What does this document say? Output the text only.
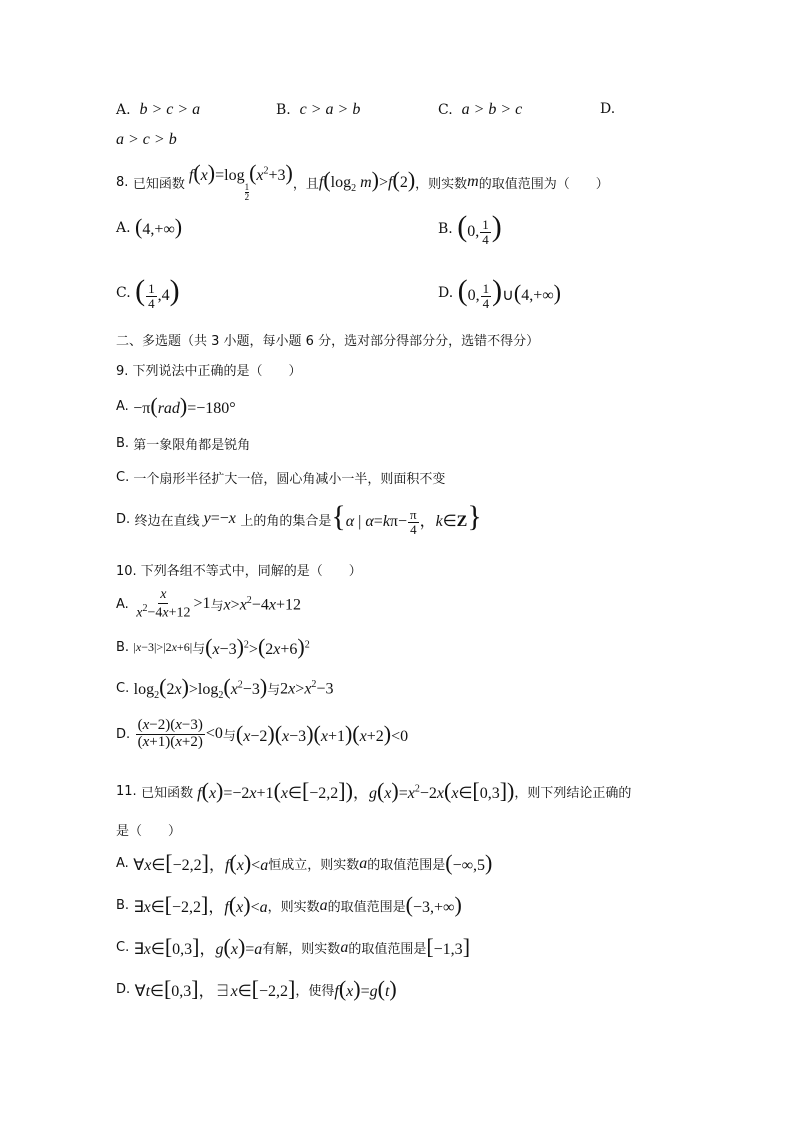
A.
b > c > a	B.
c > a > b	C.
a > b > c	D.
a > c > b
8.
已知函数 f(x)=log
$_{\frac{1}{2}}$
$(x^2+3)$ ，且 $f(\log_2$ m)>f(2) ，则实数 m 的取值范围为（　　）
A.
(4,+∞)	B.
(0, $\frac{1}{4}$ )
C.
( $\frac{1}{4} ,4$)	D.
(0, $\frac{1}{4}$ )∪(4,+∞)
二、多选题（共 3 小题，每小题 6 分，选对部分得部分分，选错不得分）
9. 下列说法中正确的是（　　）
A.
−π(rad)=−180°
B.
第一象限角都是锐角
C.
一个扇形半径扩大一倍，圆心角减小一半，则面积不变
D.
终边在直线 y =− x
上的角的集合是 {α | $\alpha=k\pi- \frac{\pi}{4}$ ，k∈Z}
10. 下列各组不等式中，同解的是（　　）
A.
$\frac{x}{x^2-4x+12} >1$ 与 $x>x^2-4x+12$
B.
|x−3|>|2x+6| 与 $(x-3)^2>(2x+6)^2$
C.
$\log_2(2x)>\log_2(x^2-3)$ 与 $2x>x^2-3$
D.
$\frac{(x-2)(x-3)}{(x+1)(x+2)} <0$ 与 (x−2)(x−3)(x+1)(x+2)<0
11.
已知函数 f(x)=−2x+1(x∈[−2,2])，$g(x)=x^2-2x(x\in[0,3])$ ，则下列结论正确的
是（　　）
A.
∀x∈[−2,2]，f(x)<a 恒成立，则实数 a 的取值范围是 (−∞,5)
B.
∃x∈[−2,2]，f(x)<a ，则实数 a 的取值范围是 (−3,+∞)
C.
∃x∈[0,3]，g(x)=a 有解，则实数 a 的取值范围是 [−1,3]
D.
∀t∈[0,3]，∃x∈[−2,2] ，使得 f(x)=g(t)
